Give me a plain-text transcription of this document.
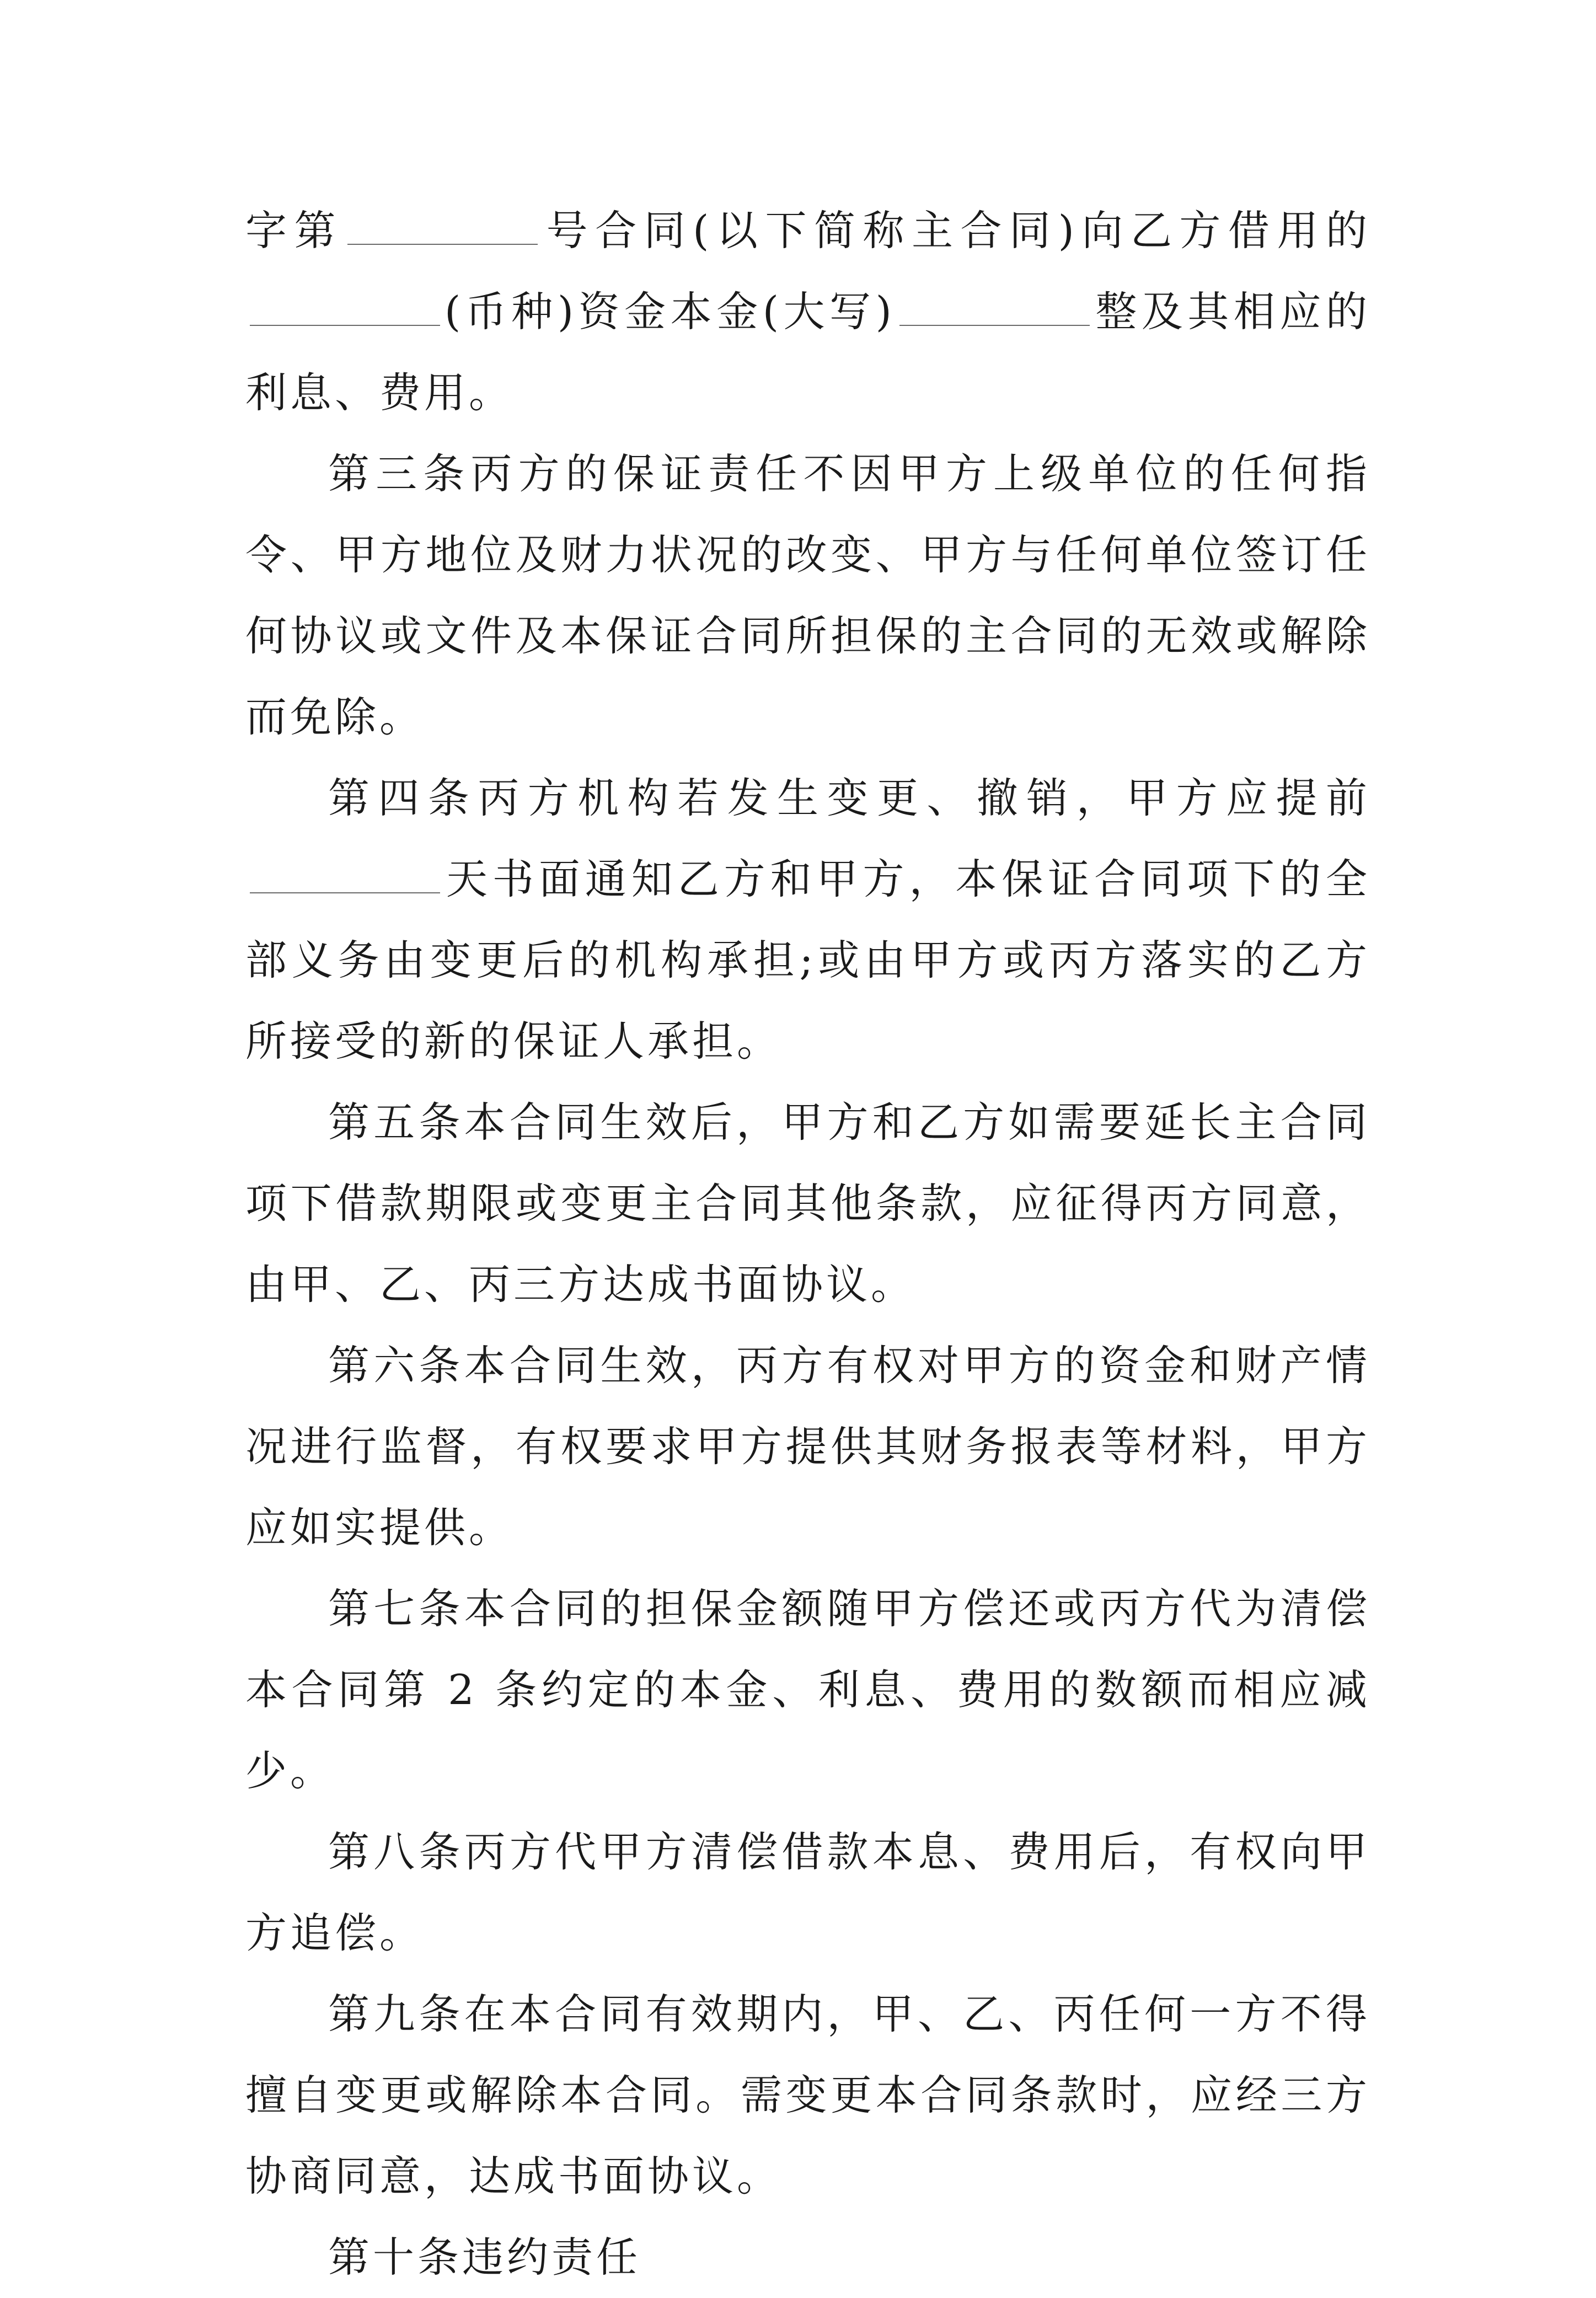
字第	号合同(以下简称主合同)向乙方借用的(币种)资金本金(大写)	整及其相应的利息、费用。

第三条丙方的保证责任不因甲方上级单位的任何指令、甲方地位及财力状况的改变、甲方与任何单位签订任何协议或文件及本保证合同所担保的主合同的无效或解除而免除。

第四条丙方机构若发生变更、撤销，甲方应提前天书面通知乙方和甲方，本保证合同项下的全部义务由变更后的机构承担;或由甲方或丙方落实的乙方所接受的新的保证人承担。

第五条本合同生效后，甲方和乙方如需要延长主合同项下借款期限或变更主合同其他条款，应征得丙方同意，由甲、乙、丙三方达成书面协议。

第六条本合同生效，丙方有权对甲方的资金和财产情况进行监督，有权要求甲方提供其财务报表等材料，甲方应如实提供。

第七条本合同的担保金额随甲方偿还或丙方代为清偿本合同第 2 条约定的本金、利息、费用的数额而相应减少。

第八条丙方代甲方清偿借款本息、费用后，有权向甲方追偿。

第九条在本合同有效期内，甲、乙、丙任何一方不得擅自变更或解除本合同。需变更本合同条款时，应经三方协商同意，达成书面协议。

第十条违约责任
